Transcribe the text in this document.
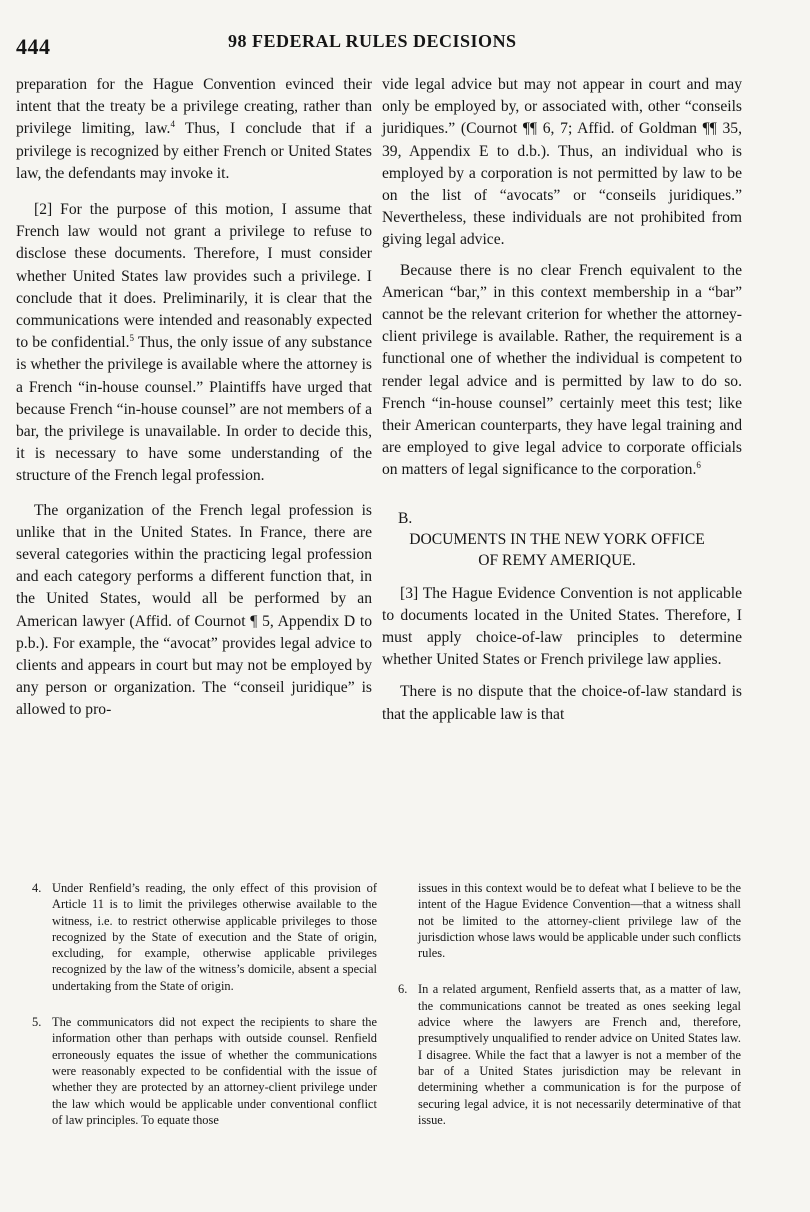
444	98 FEDERAL RULES DECISIONS

preparation for the Hague Convention evinced their intent that the treaty be a privilege creating, rather than privilege limiting, law.$^4$ Thus, I conclude that if a privilege is recognized by either French or United States law, the defendants may invoke it.

[2] For the purpose of this motion, I assume that French law would not grant a privilege to refuse to disclose these documents. Therefore, I must consider whether United States law provides such a privilege. I conclude that it does. Preliminarily, it is clear that the communications were intended and reasonably expected to be confidential.$^5$ Thus, the only issue of any substance is whether the privilege is available where the attorney is a French “in-house counsel.” Plaintiffs have urged that because French “in-house counsel” are not members of a bar, the privilege is unavailable. In order to decide this, it is necessary to have some understanding of the structure of the French legal profession.

The organization of the French legal profession is unlike that in the United States. In France, there are several categories within the practicing legal profession and each category performs a different function that, in the United States, would all be performed by an American lawyer (Affid. of Cournot ¶ 5, Appendix D to p.b.). For example, the “avocat” provides legal advice to clients and appears in court but may not be employed by any person or organization. The “conseil juridique” is allowed to pro-

vide legal advice but may not appear in court and may only be employed by, or associated with, other “conseils juridiques.” (Cournot ¶¶ 6, 7; Affid. of Goldman ¶¶ 35, 39, Appendix E to d.b.). Thus, an individual who is employed by a corporation is not permitted by law to be on the list of “avocats” or “conseils juridiques.” Nevertheless, these individuals are not prohibited from giving legal advice.

Because there is no clear French equivalent to the American “bar,” in this context membership in a “bar” cannot be the relevant criterion for whether the attorney-client privilege is available. Rather, the requirement is a functional one of whether the individual is competent to render legal advice and is permitted by law to do so. French “in-house counsel” certainly meet this test; like their American counterparts, they have legal training and are employed to give legal advice to corporate officials on matters of legal significance to the corporation.$^6$

B.DOCUMENTS IN THE NEW YORK OFFICE OF REMY AMERIQUE.

[3] The Hague Evidence Convention is not applicable to documents located in the United States. Therefore, I must apply choice-of-law principles to determine whether United States or French privilege law applies.

There is no dispute that the choice-of-law standard is that the applicable law is that

4. Under Renfield’s reading, the only effect of this provision of Article 11 is to limit the privileges otherwise available to the witness, i.e. to restrict otherwise applicable privileges to those recognized by the State of execution and the State of origin, excluding, for example, otherwise applicable privileges recognized by the law of the witness’s domicile, absent a special undertaking from the State of origin.
5. The communicators did not expect the recipients to share the information other than perhaps with outside counsel. Renfield erroneously equates the issue of whether the communications were reasonably expected to be confidential with the issue of whether they are protected by an attorney-client privilege under the law which would be applicable under conventional conflict of law principles. To equate those
issues in this context would be to defeat what I believe to be the intent of the Hague Evidence Convention—that a witness shall not be limited to the attorney-client privilege law of the jurisdiction whose laws would be applicable under such conflicts rules.
6. In a related argument, Renfield asserts that, as a matter of law, the communications cannot be treated as ones seeking legal advice where the lawyers are French and, therefore, presumptively unqualified to render advice on United States law. I disagree. While the fact that a lawyer is not a member of the bar of a United States jurisdiction may be relevant in determining whether a communication is for the purpose of securing legal advice, it is not necessarily determinative of that issue.
